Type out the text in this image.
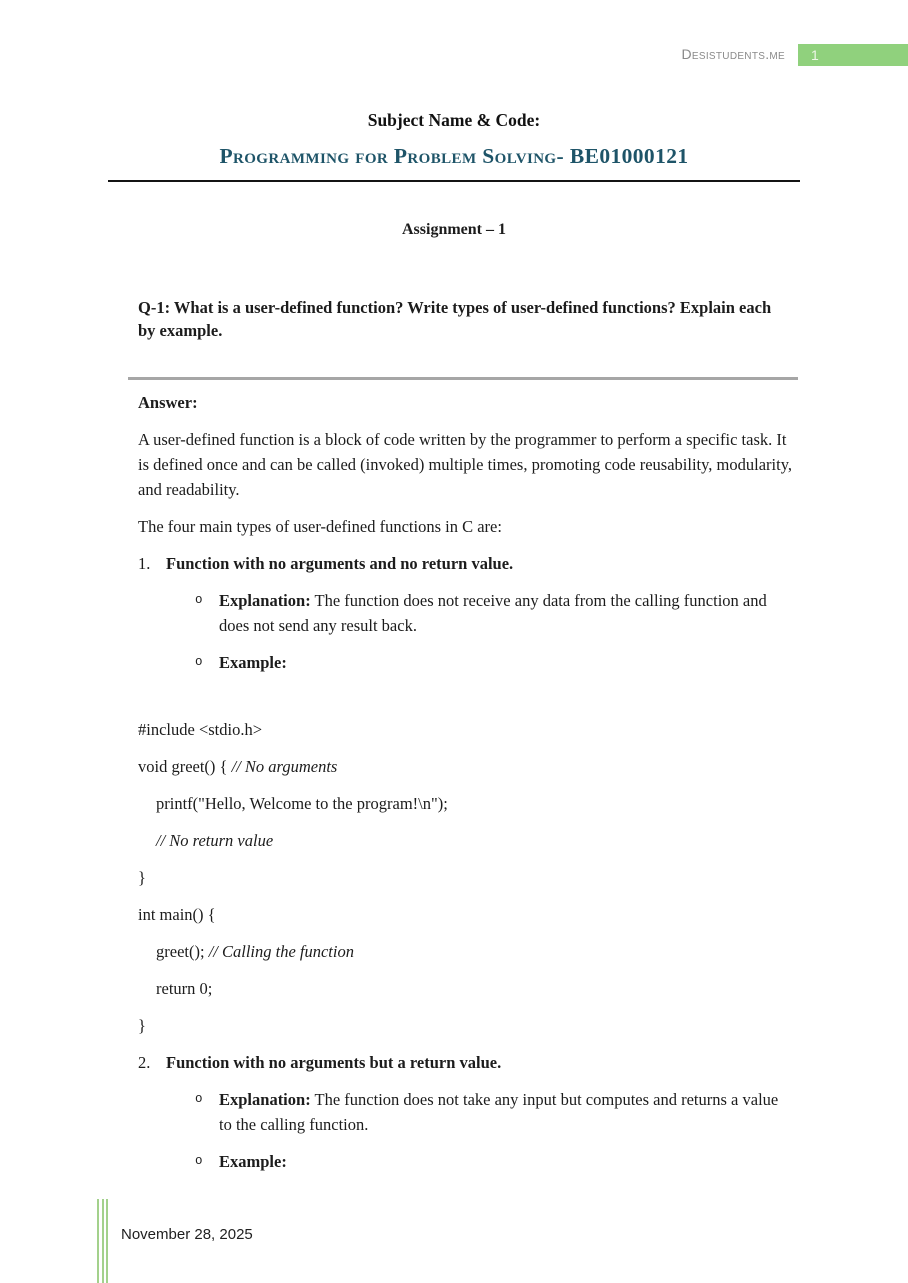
Desistudents.me	1
Subject Name & Code:
Programming for Problem Solving- BE01000121
Assignment – 1
Q-1: What is a user-defined function? Write types of user-defined functions? Explain each by example.
Answer:

A user-defined function is a block of code written by the programmer to perform a specific task. It is defined once and can be called (invoked) multiple times, promoting code reusability, modularity, and readability.

The four main types of user-defined functions in C are:

1. Function with no arguments and no return value.
o Explanation: The function does not receive any data from the calling function and does not send any result back.
o Example:

#include <stdio.h>

void greet() { // No arguments

printf("Hello, Welcome to the program!\n");

// No return value

}

int main() {

greet(); // Calling the function

return 0;

}

2. Function with no arguments but a return value.
o Explanation: The function does not take any input but computes and returns a value to the calling function.
o Example:
November 28, 2025
